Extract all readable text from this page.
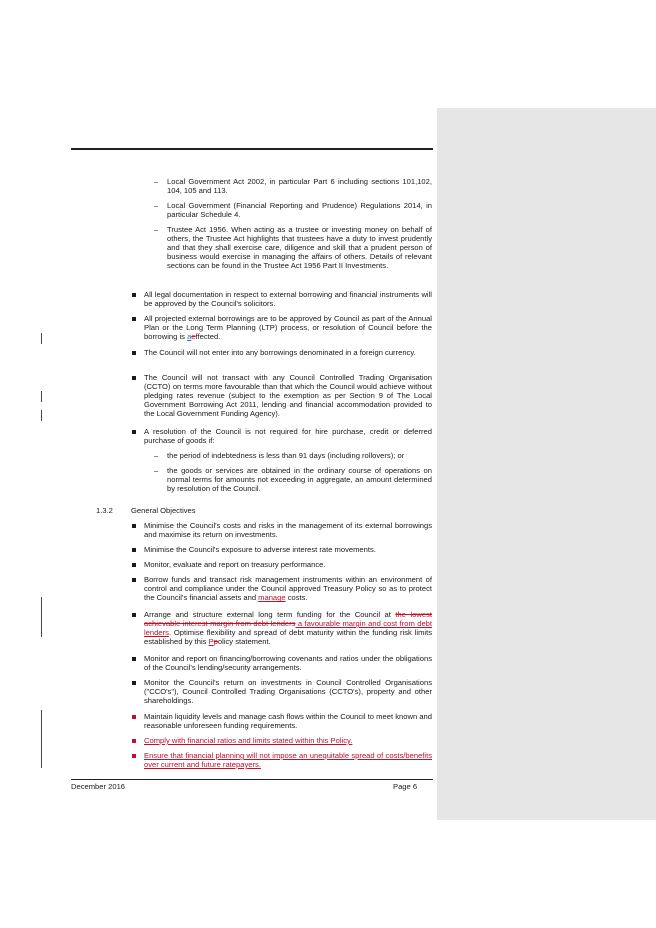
– Local Government Act 2002, in particular Part 6 including sections 101,102, 104, 105 and 113.
– Local Government (Financial Reporting and Prudence) Regulations 2014, in particular Schedule 4.
– Trustee Act 1956. When acting as a trustee or investing money on behalf of others, the Trustee Act highlights that trustees have a duty to invest prudently and that they shall exercise care, diligence and skill that a prudent person of business would exercise in managing the affairs of others. Details of relevant sections can be found in the Trustee Act 1956 Part II Investments.
All legal documentation in respect to external borrowing and financial instruments will be approved by the Council's solicitors.
All projected external borrowings are to be approved by Council as part of the Annual Plan or the Long Term Planning (LTP) process, or resolution of Council before the borrowing is aeffected.
The Council will not enter into any borrowings denominated in a foreign currency.
The Council will not transact with any Council Controlled Trading Organisation (CCTO) on terms more favourable than that which the Council would achieve without pledging rates revenue (subject to the exemption as per Section 9 of The Local Government Borrowing Act 2011, lending and financial accommodation provided to the Local Government Funding Agency).
A resolution of the Council is not required for hire purchase, credit or deferred purchase of goods if:
– the period of indebtedness is less than 91 days (including rollovers); or
– the goods or services are obtained in the ordinary course of operations on normal terms for amounts not exceeding in aggregate, an amount determined by resolution of the Council.
1.3.2 General Objectives
Minimise the Council's costs and risks in the management of its external borrowings and maximise its return on investments.
Minimise the Council's exposure to adverse interest rate movements.
Monitor, evaluate and report on treasury performance.
Borrow funds and transact risk management instruments within an environment of control and compliance under the Council approved Treasury Policy so as to protect the Council's financial assets and manage costs.
Arrange and structure external long term funding for the Council at the lowest achievable interest margin from debt lenders a favourable margin and cost from debt lenders. Optimise flexibility and spread of debt maturity within the funding risk limits established by this Ppolicy statement.
Monitor and report on financing/borrowing covenants and ratios under the obligations of the Council's lending/security arrangements.
Monitor the Council's return on investments in Council Controlled Organisations ("CCO's"), Council Controlled Trading Organisations (CCTO's), property and other shareholdings.
Maintain liquidity levels and manage cash flows within the Council to meet known and reasonable unforeseen funding requirements.
Comply with financial ratios and limits stated within this Policy.
Ensure that financial planning will not impose an unequitable spread of costs/benefits over current and future ratepayers.
December 2016	Page 6
